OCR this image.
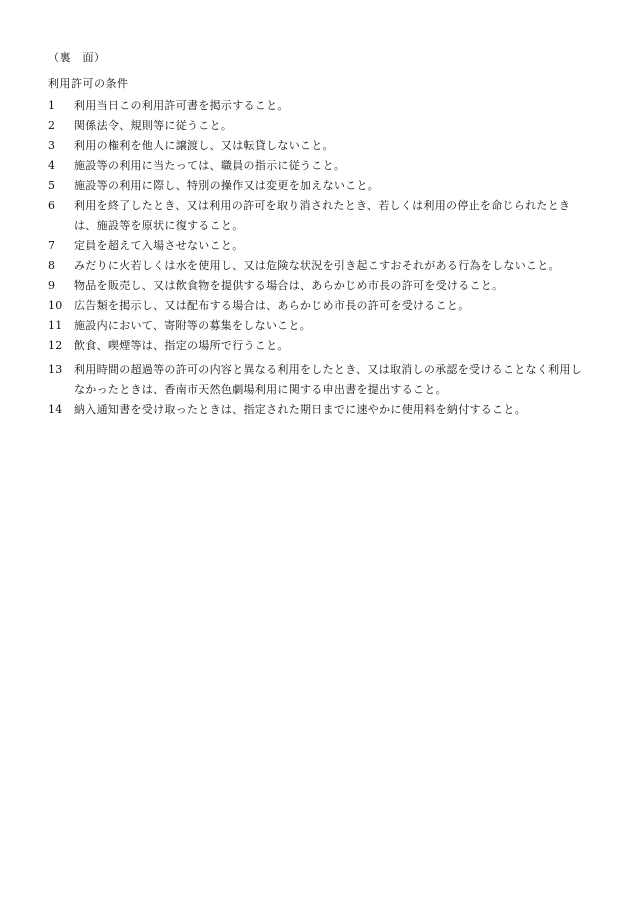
（裏　面）
利用許可の条件
1	利用当日この利用許可書を掲示すること。
2	関係法令、規則等に従うこと。
3	利用の権利を他人に譲渡し、又は転貸しないこと。
4	施設等の利用に当たっては、職員の指示に従うこと。
5	施設等の利用に際し、特別の操作又は変更を加えないこと。
6	利用を終了したとき、又は利用の許可を取り消されたとき、若しくは利用の停止を命じられたときは、施設等を原状に復すること。
7	定員を超えて入場させないこと。
8	みだりに火若しくは水を使用し、又は危険な状況を引き起こすおそれがある行為をしないこと。
9	物品を販売し、又は飲食物を提供する場合は、あらかじめ市長の許可を受けること。
10	広告類を掲示し、又は配布する場合は、あらかじめ市長の許可を受けること。
11	施設内において、寄附等の募集をしないこと。
12	飲食、喫煙等は、指定の場所で行うこと。
13	利用時間の超過等の許可の内容と異なる利用をしたとき、又は取消しの承認を受けることなく利用しなかったときは、香南市天然色劇場利用に関する申出書を提出すること。
14	納入通知書を受け取ったときは、指定された期日までに速やかに使用料を納付すること。
